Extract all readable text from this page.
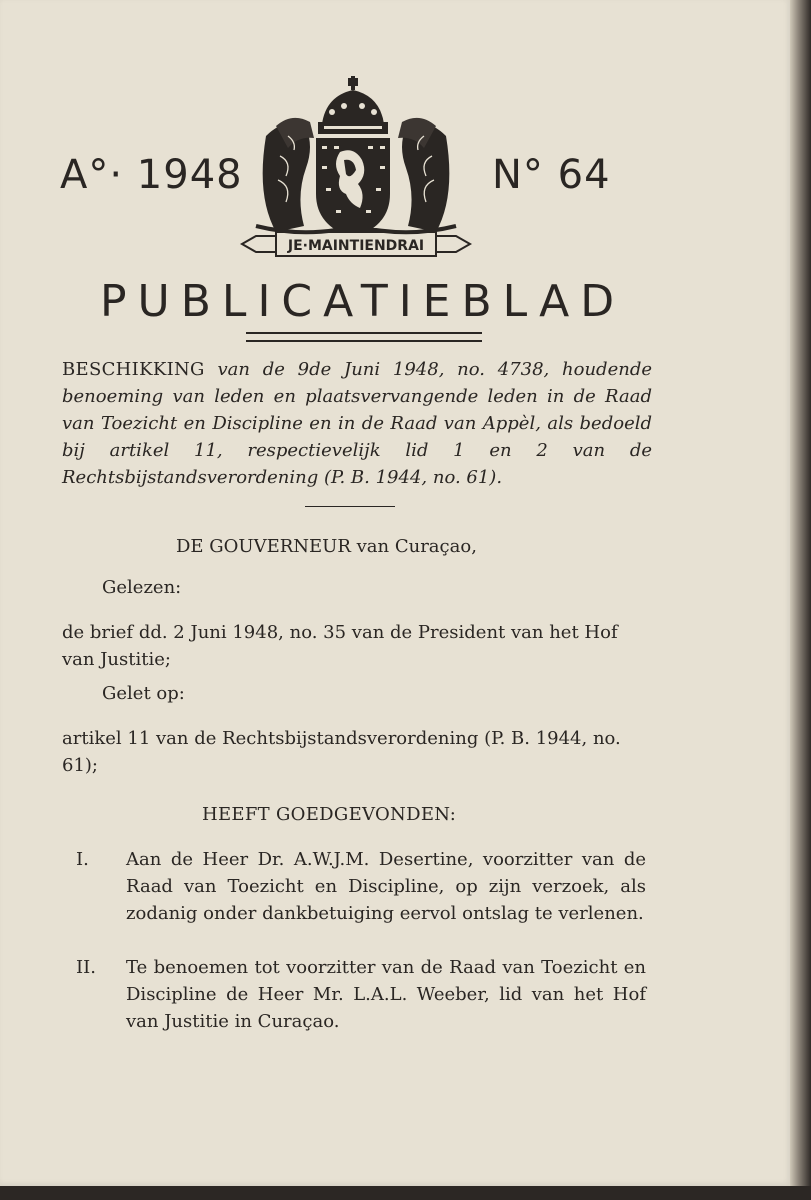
A°· 1948
JE·MAINTIENDRAI
N° 64
PUBLICATIEBLAD
BESCHIKKING van de 9de Juni 1948, no. 4738, houdende benoeming van leden en plaatsvervangende leden in de Raad van Toezicht en Discipline en in de Raad van Appèl, als bedoeld bij artikel 11, respectievelijk lid 1 en 2 van de Rechtsbijstandsverordening (P. B. 1944, no. 61).
DE GOUVERNEUR van Curaçao,
Gelezen:
de brief dd. 2 Juni 1948, no. 35 van de President van het Hof van Justitie;
Gelet op:
artikel 11 van de Rechtsbijstandsverordening (P. B. 1944, no. 61);
HEEFT GOEDGEVONDEN:
I. Aan de Heer Dr. A.W.J.M. Desertine, voorzitter van de Raad van Toezicht en Discipline, op zijn verzoek, als zodanig onder dankbetuiging eervol ontslag te verlenen.
II. Te benoemen tot voorzitter van de Raad van Toezicht en Discipline de Heer Mr. L.A.L. Weeber, lid van het Hof van Justitie in Curaçao.
